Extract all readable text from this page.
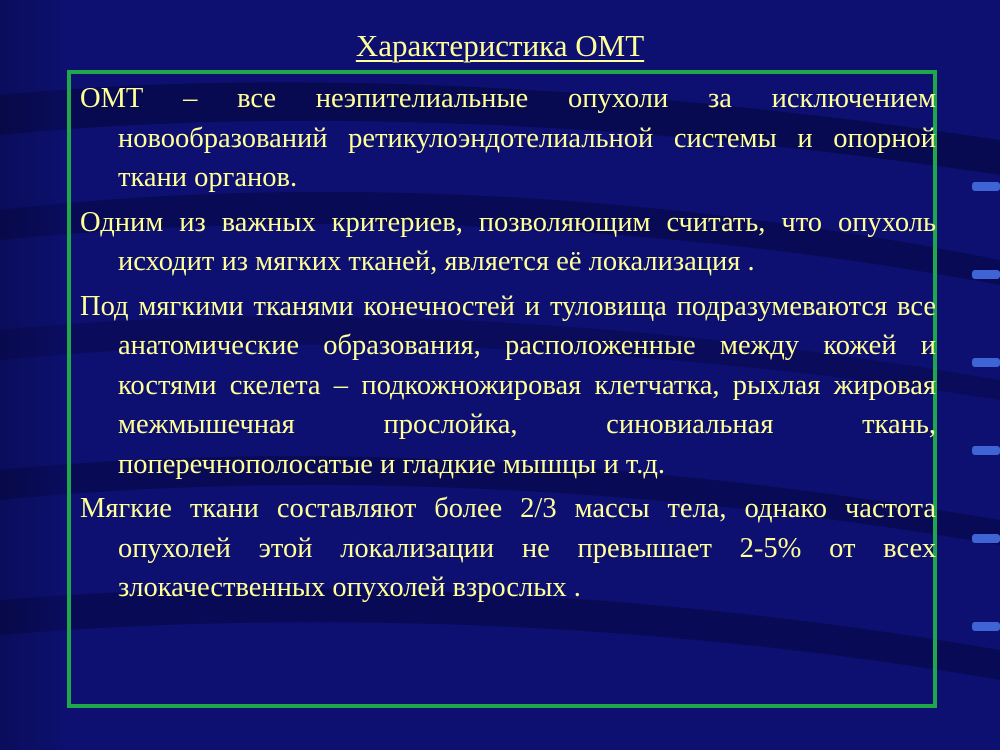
Характеристика ОМТ

ОМТ – все неэпителиальные опухоли за исключением новообразований ретикулоэндотелиальной системы и опорной ткани органов.

Одним из важных критериев, позволяющим считать, что опухоль исходит из мягких тканей, является её локализация .

Под мягкими тканями конечностей и туловища подразумеваются все анатомические образования, расположенные между кожей и костями скелета – подкожножировая клетчатка, рыхлая жировая межмышечная прослойка, синовиальная ткань, поперечнополосатые и гладкие мышцы и т.д.

Мягкие ткани составляют более 2/3 массы тела, однако частота опухолей этой локализации не превышает 2-5% от всех злокачественных опухолей взрослых .
